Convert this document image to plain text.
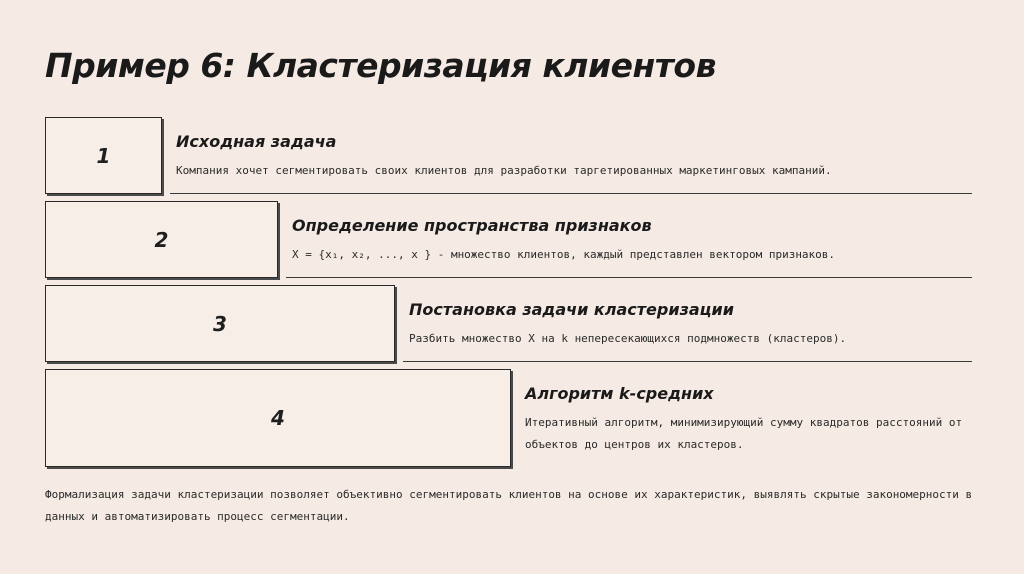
Пример 6: Кластеризация клиентов
1
Исходная задача

Компания хочет сегментировать своих клиентов для разработки таргетированных маркетинговых кампаний.

2
Определение пространства признаков

X = {x₁, x₂, ..., x } - множество клиентов, каждый представлен вектором признаков.

3
Постановка задачи кластеризации

Разбить множество X на k непересекающихся подмножеств (кластеров).

4
Алгоритм k-средних

Итеративный алгоритм, минимизирующий сумму квадратов расстояний от объектов до центров их кластеров.

Формализация задачи кластеризации позволяет объективно сегментировать клиентов на основе их характеристик, выявлять скрытые закономерности в данных и автоматизировать процесс сегментации.
